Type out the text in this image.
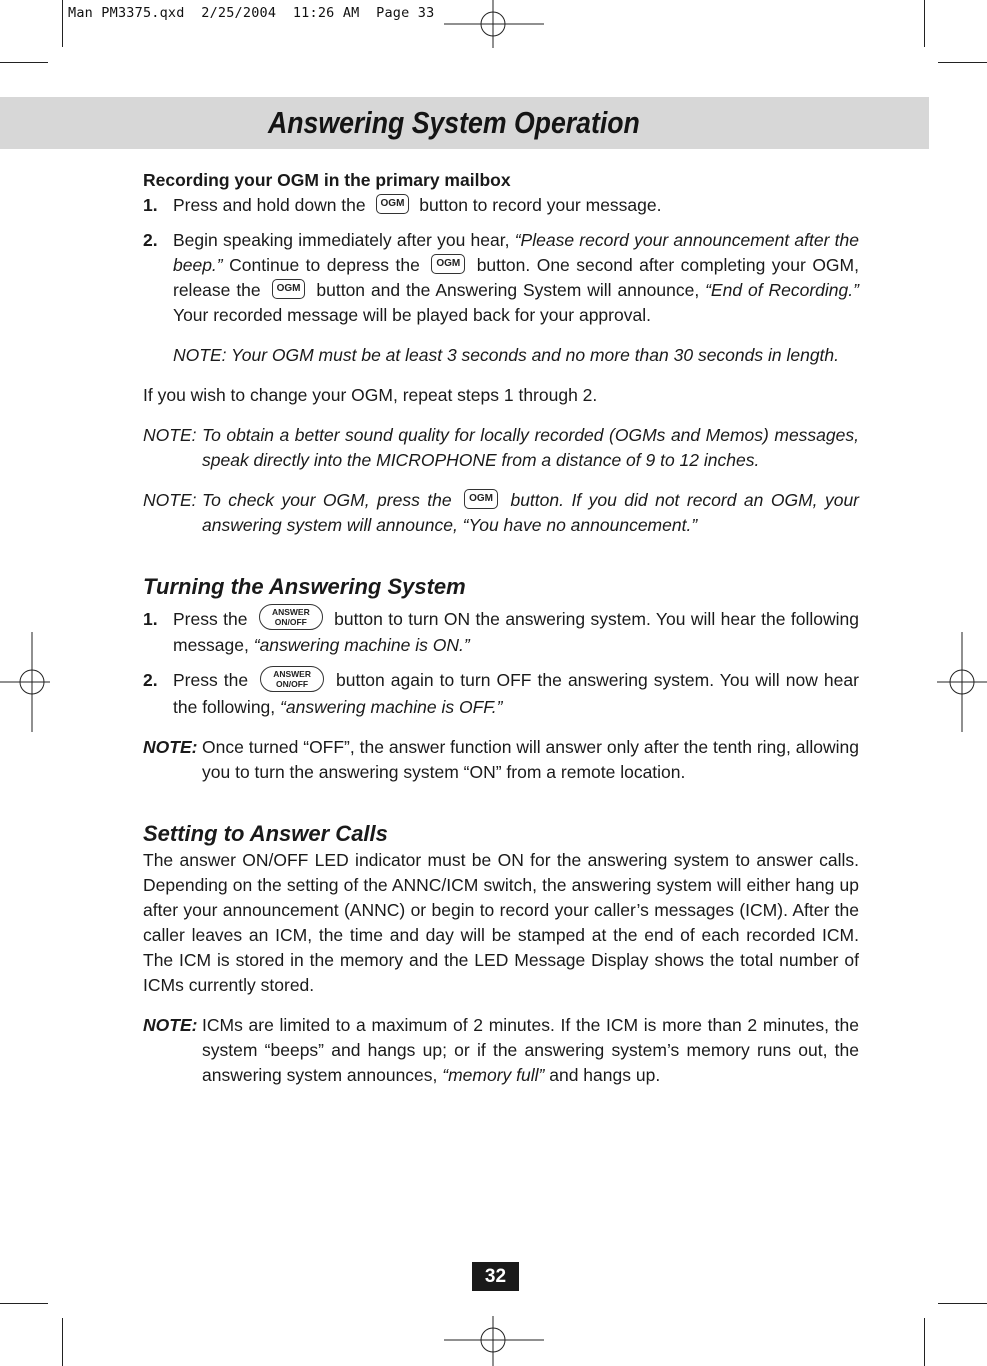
Man PM3375.qxd  2/25/2004  11:26 AM  Page 33
Answering System Operation
Recording your OGM in the primary mailbox
1. Press and hold down the OGM button to record your message.
2. Begin speaking immediately after you hear, “Please record your announcement after the beep.” Continue to depress the OGM button. One second after completing your OGM, release the OGM button and the Answering System will announce, “End of Recording.” Your recorded message will be played back for your approval.

NOTE: Your OGM must be at least 3 seconds and no more than 30 seconds in length.

If you wish to change your OGM, repeat steps 1 through 2.

NOTE: To obtain a better sound quality for locally recorded (OGMs and Memos) messages, speak directly into the MICROPHONE from a distance of 9 to 12 inches.
NOTE: To check your OGM, press the OGM button. If you did not record an OGM, your answering system will announce, “You have no announcement.”
Turning the Answering System
1. Press the	ANSWER
ON/OFF button to turn ON the answering system. You will hear the following message, “answering machine is ON.”
2. Press the	ANSWER
ON/OFF button again to turn OFF the answering system. You will now hear the following, “answering machine is OFF.”
NOTE: Once turned “OFF”, the answer function will answer only after the tenth ring, allowing you to turn the answering system “ON” from a remote location.
Setting to Answer Calls

The answer ON/OFF LED indicator must be ON for the answering system to answer calls. Depending on the setting of the ANNC/ICM switch, the answering system will either hang up after your announcement (ANNC) or begin to record your caller’s messages (ICM). After the caller leaves an ICM, the time and day will be stamped at the end of each recorded ICM. The ICM is stored in the memory and the LED Message Display shows the total number of ICMs currently stored.

NOTE: ICMs are limited to a maximum of 2 minutes. If the ICM is more than 2 minutes, the system “beeps” and hangs up; or if the answering system’s memory runs out, the answering system announces, “memory full” and hangs up.
32
